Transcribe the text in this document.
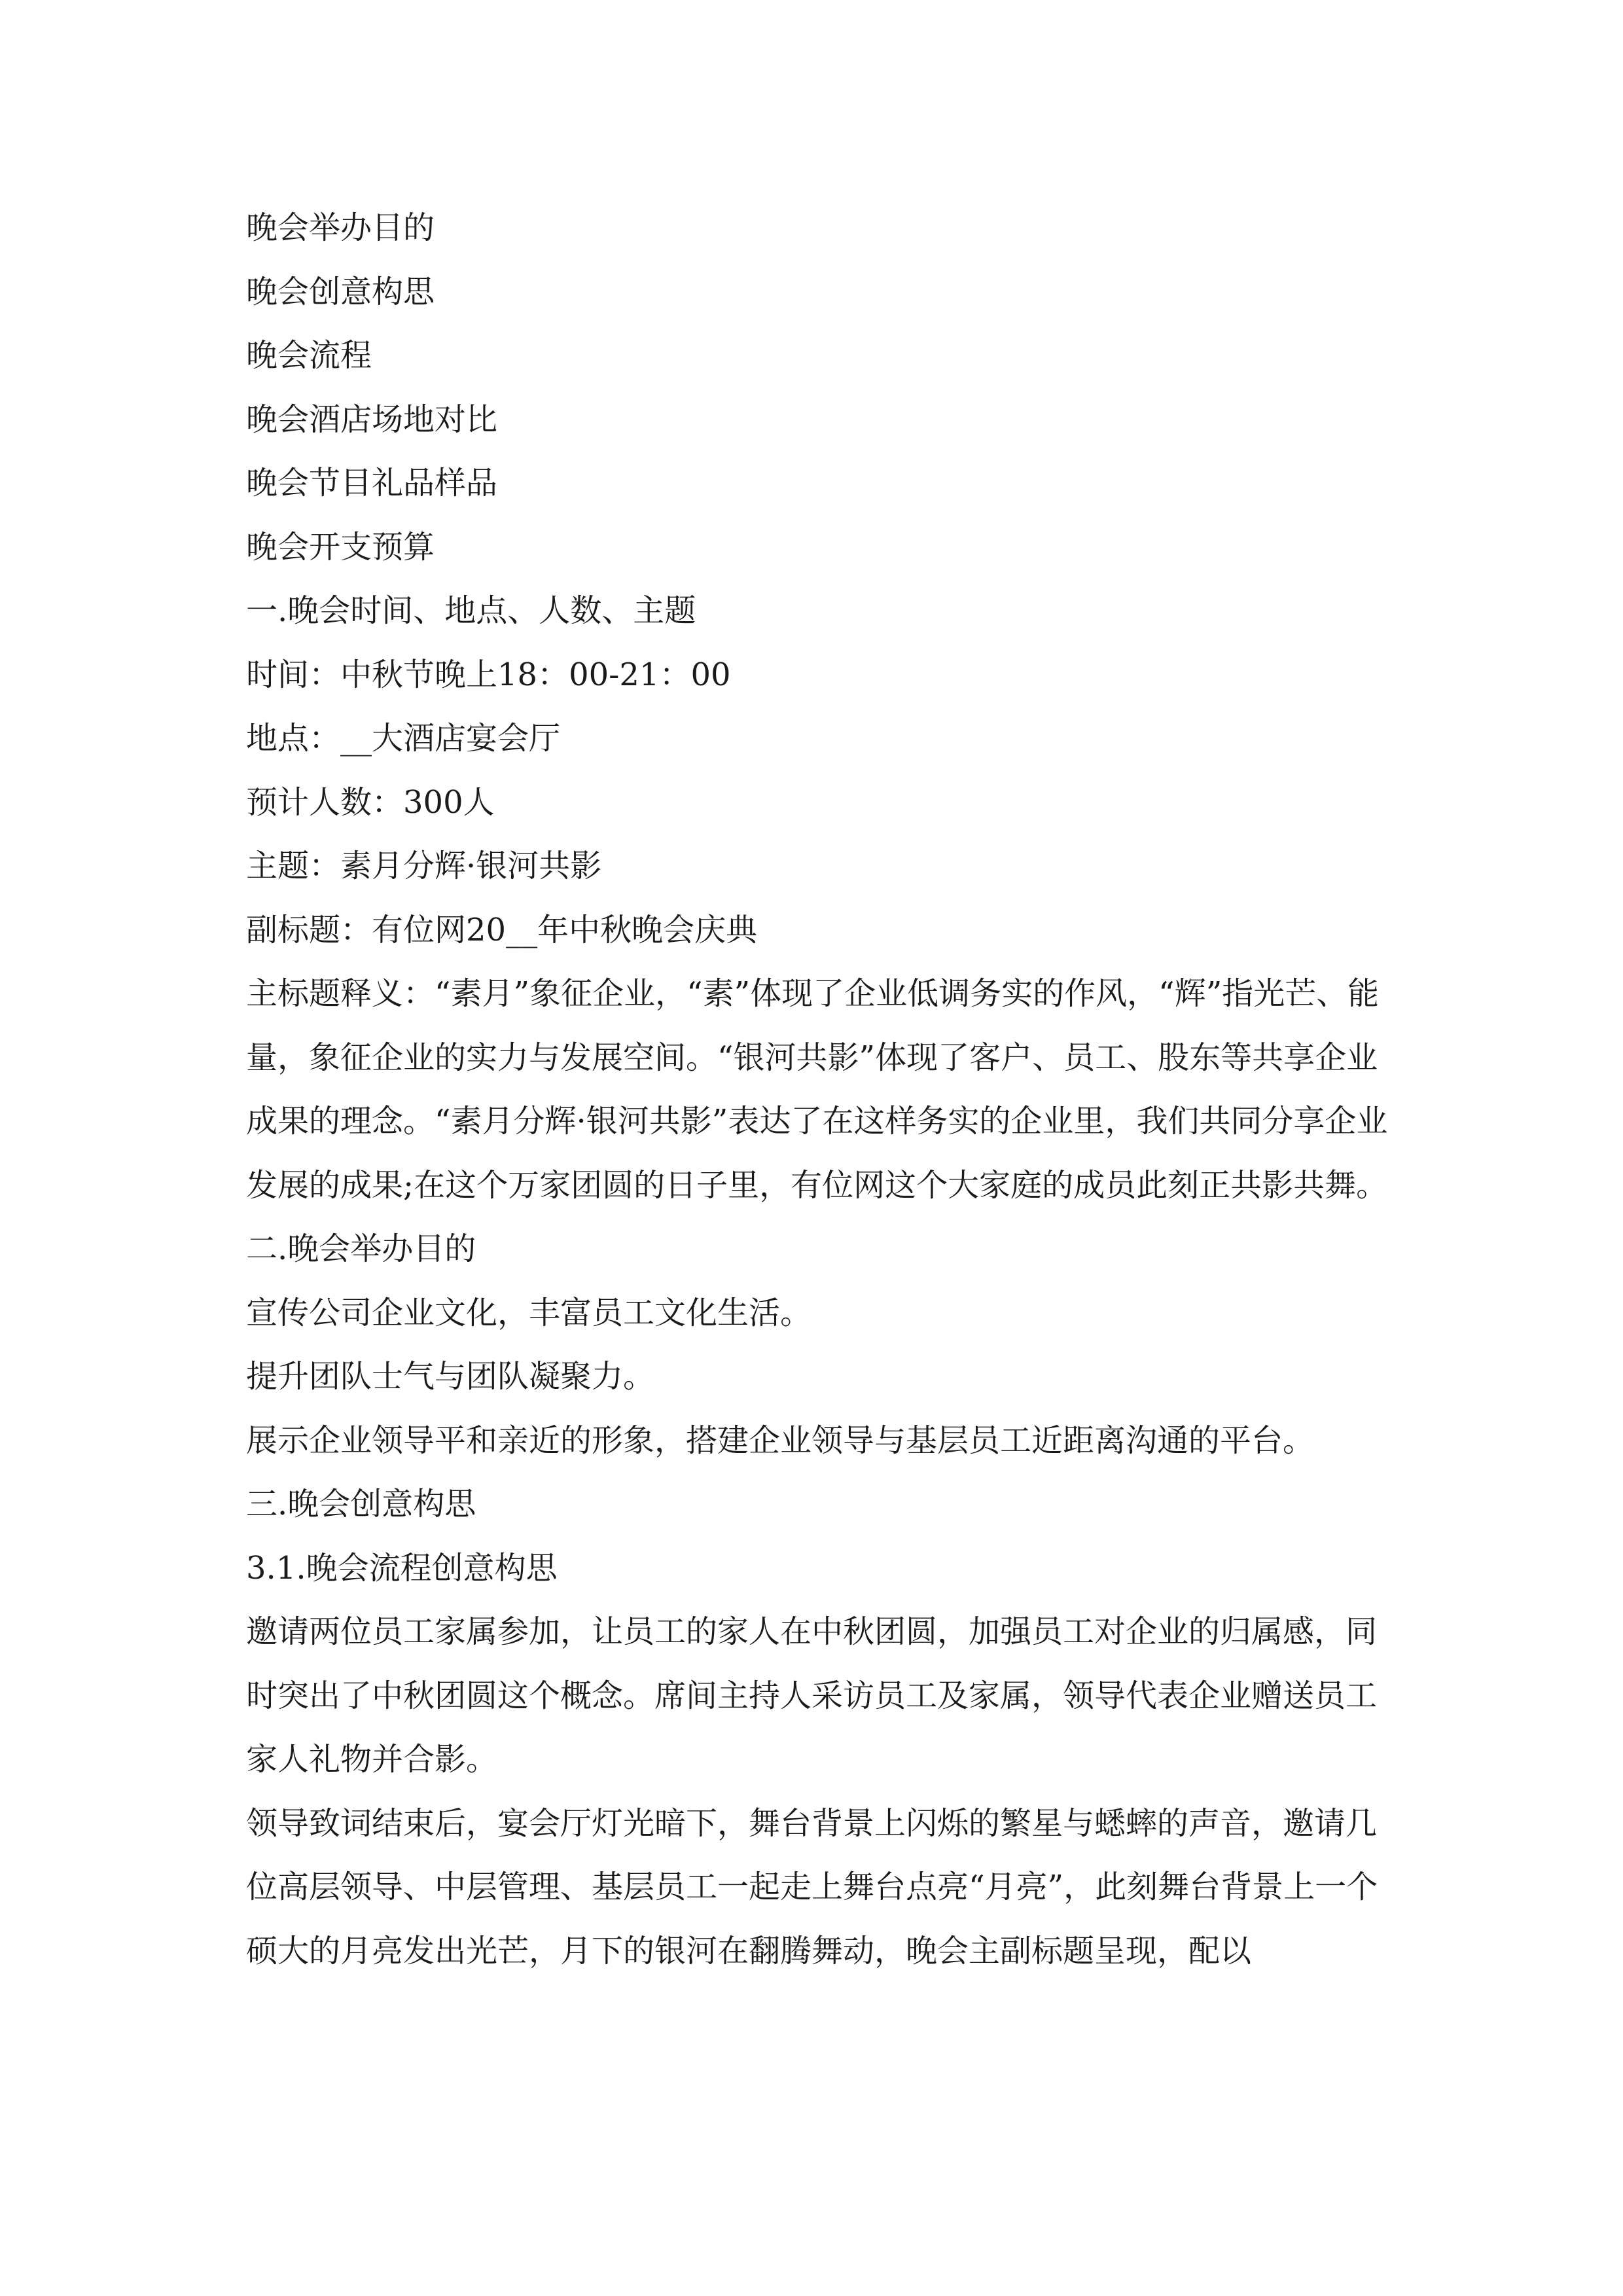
晚会举办目的
晚会创意构思
晚会流程
晚会酒店场地对比
晚会节目礼品样品
晚会开支预算
一.晚会时间、地点、人数、主题
时间：中秋节晚上18：00-21：00
地点：__大酒店宴会厅
预计人数：300人
主题：素月分辉·银河共影
副标题：有位网20__年中秋晚会庆典

主标题释义：“素月”象征企业，“素”体现了企业低调务实的作风，“辉”指光芒、能量，象征企业的实力与发展空间。“银河共影”体现了客户、员工、股东等共享企业成果的理念。“素月分辉·银河共影”表达了在这样务实的企业里，我们共同分享企业发展的成果;在这个万家团圆的日子里，有位网这个大家庭的成员此刻正共影共舞。

二.晚会举办目的
宣传公司企业文化，丰富员工文化生活。
提升团队士气与团队凝聚力。
展示企业领导平和亲近的形象，搭建企业领导与基层员工近距离沟通的平台。
三.晚会创意构思
3.1.晚会流程创意构思

邀请两位员工家属参加，让员工的家人在中秋团圆，加强员工对企业的归属感，同时突出了中秋团圆这个概念。席间主持人采访员工及家属，领导代表企业赠送员工家人礼物并合影。

领导致词结束后，宴会厅灯光暗下，舞台背景上闪烁的繁星与蟋蟀的声音，邀请几位高层领导、中层管理、基层员工一起走上舞台点亮“月亮”，此刻舞台背景上一个硕大的月亮发出光芒，月下的银河在翻腾舞动，晚会主副标题呈现，配以
